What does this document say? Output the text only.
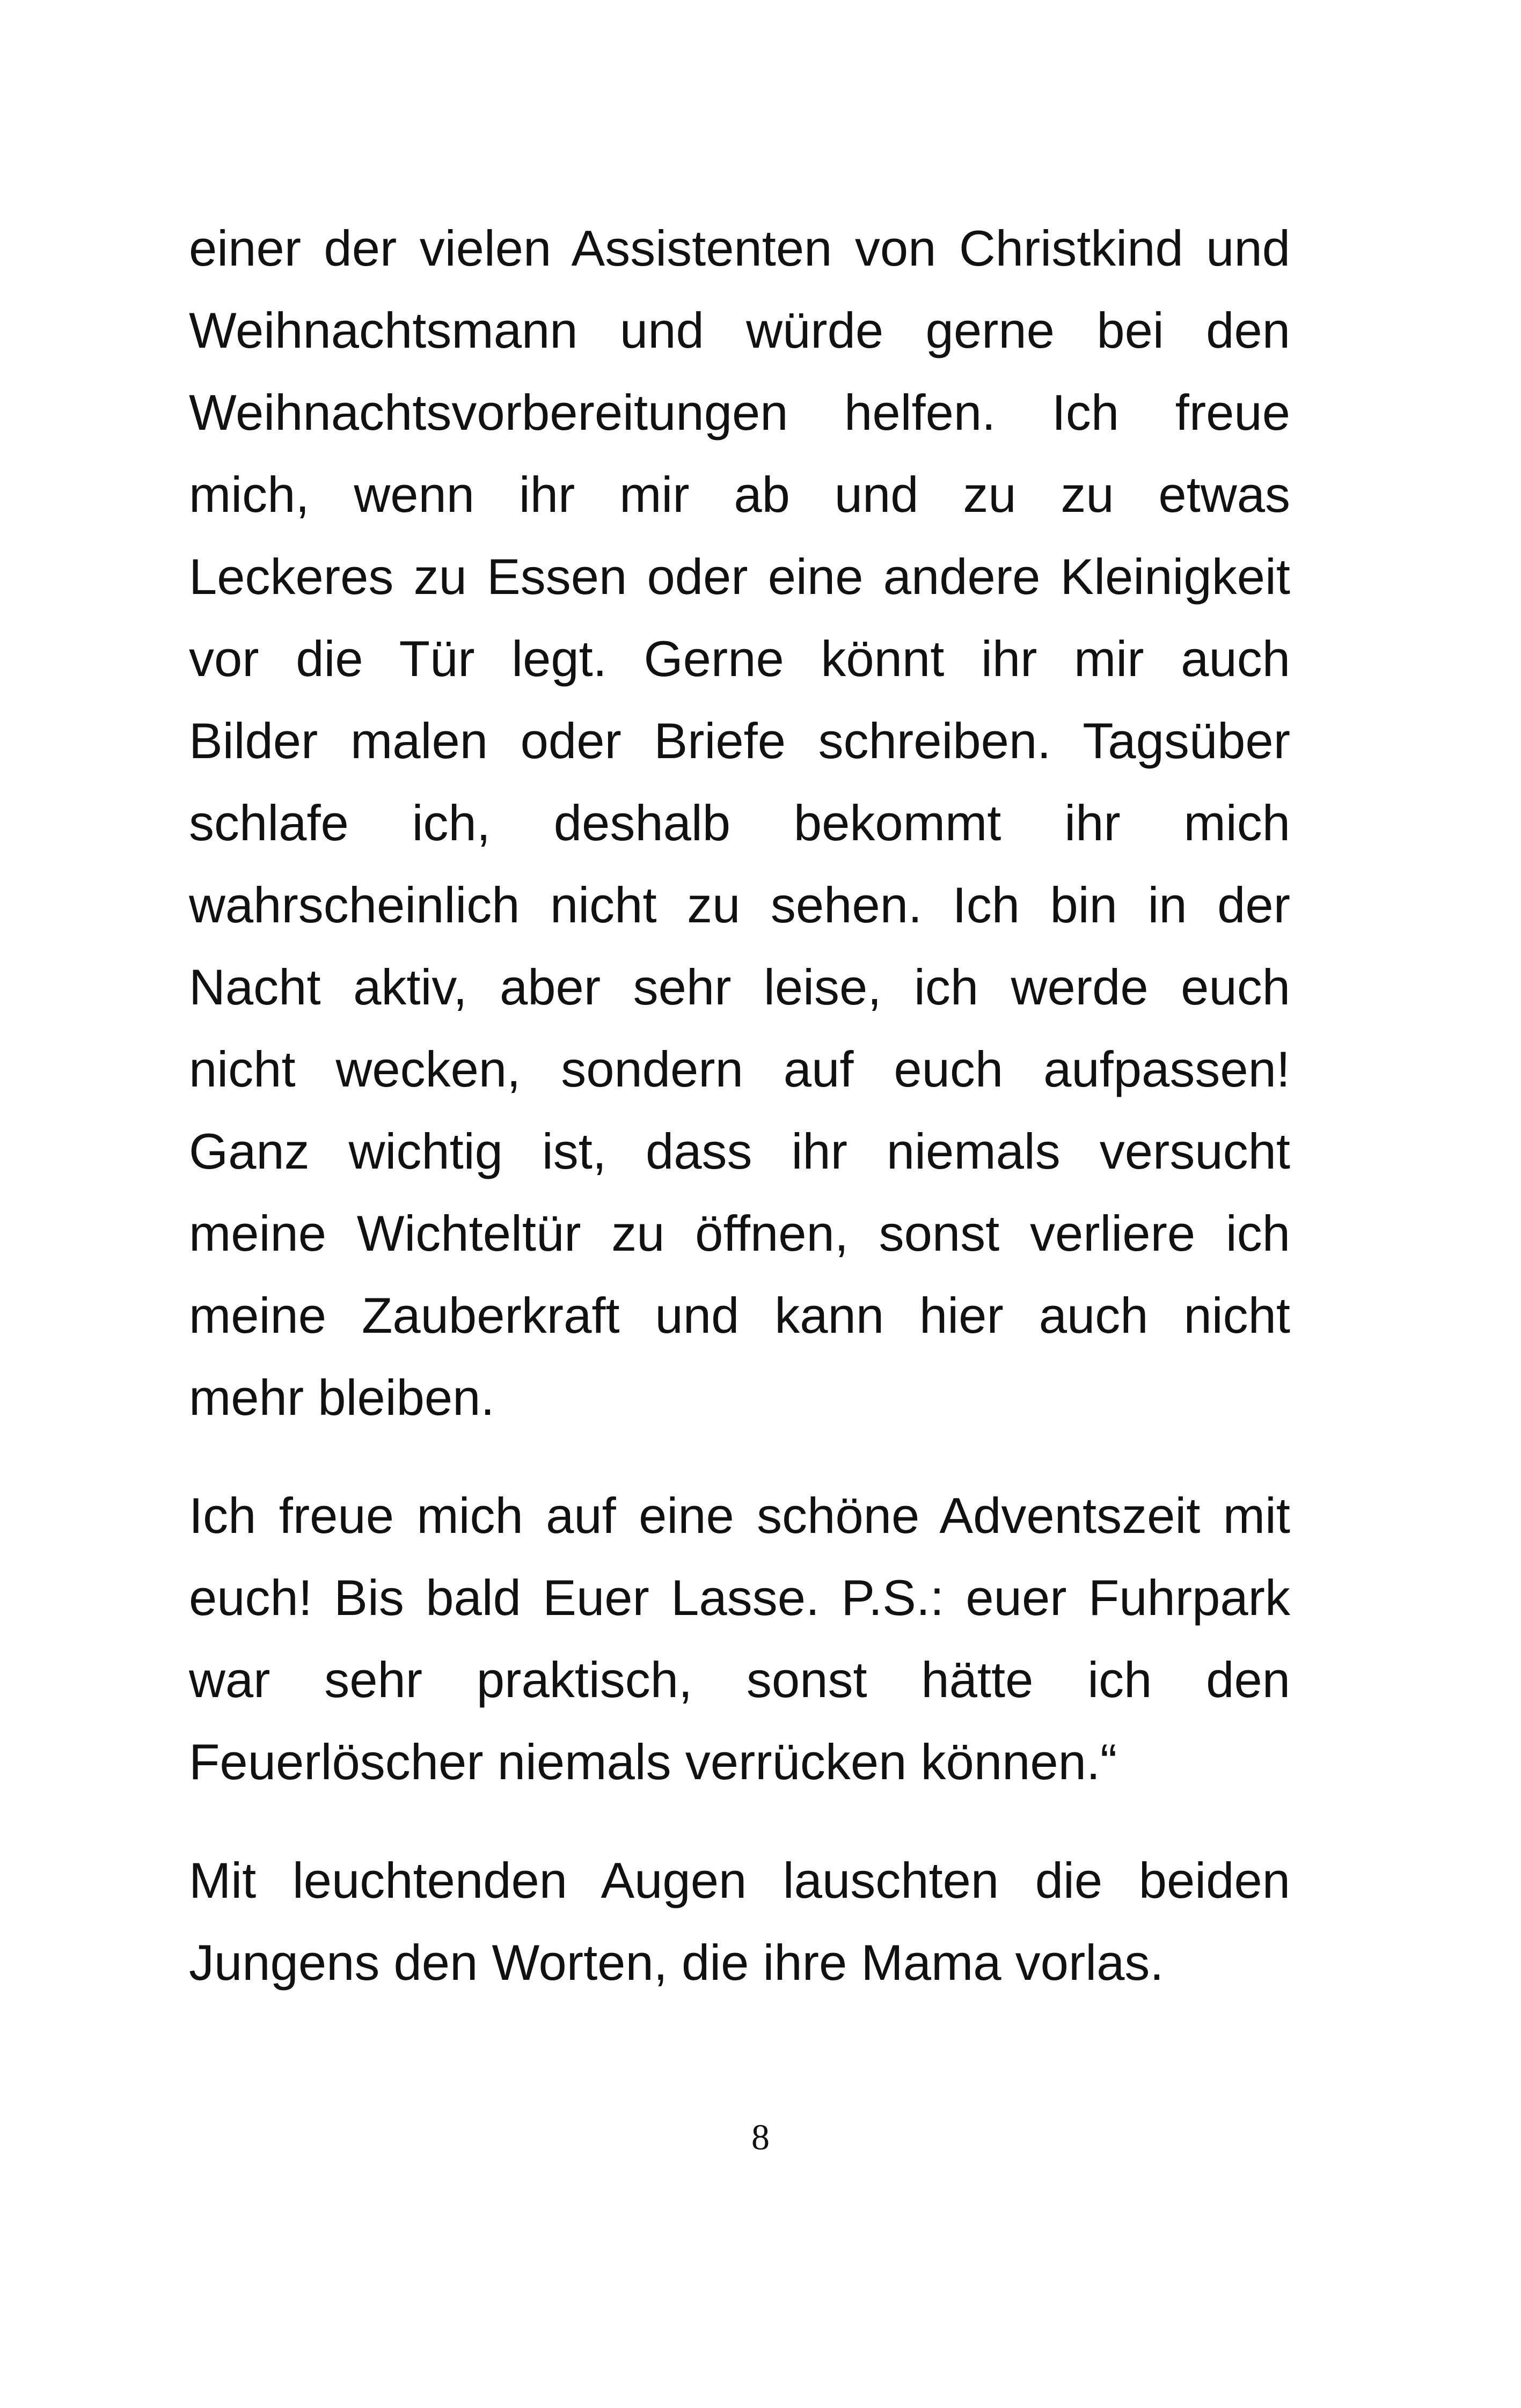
einer der vielen Assistenten von Christkind und
Weihnachtsmann und würde gerne bei den
Weihnachtsvorbereitungen helfen. Ich freue
mich, wenn ihr mir ab und zu zu etwas
Leckeres zu Essen oder eine andere Kleinigkeit
vor die Tür legt. Gerne könnt ihr mir auch
Bilder malen oder Briefe schreiben. Tagsüber
schlafe ich, deshalb bekommt ihr mich
wahrscheinlich nicht zu sehen. Ich bin in der
Nacht aktiv, aber sehr leise, ich werde euch
nicht wecken, sondern auf euch aufpassen!
Ganz wichtig ist, dass ihr niemals versucht
meine Wichteltür zu öffnen, sonst verliere ich
meine Zauberkraft und kann hier auch nicht
mehr bleiben.
Ich freue mich auf eine schöne Adventszeit mit
euch! Bis bald Euer Lasse. P.S.: euer Fuhrpark
war sehr praktisch, sonst hätte ich den
Feuerlöscher niemals verrücken können.“
Mit leuchtenden Augen lauschten die beiden
Jungens den Worten, die ihre Mama vorlas.
8
